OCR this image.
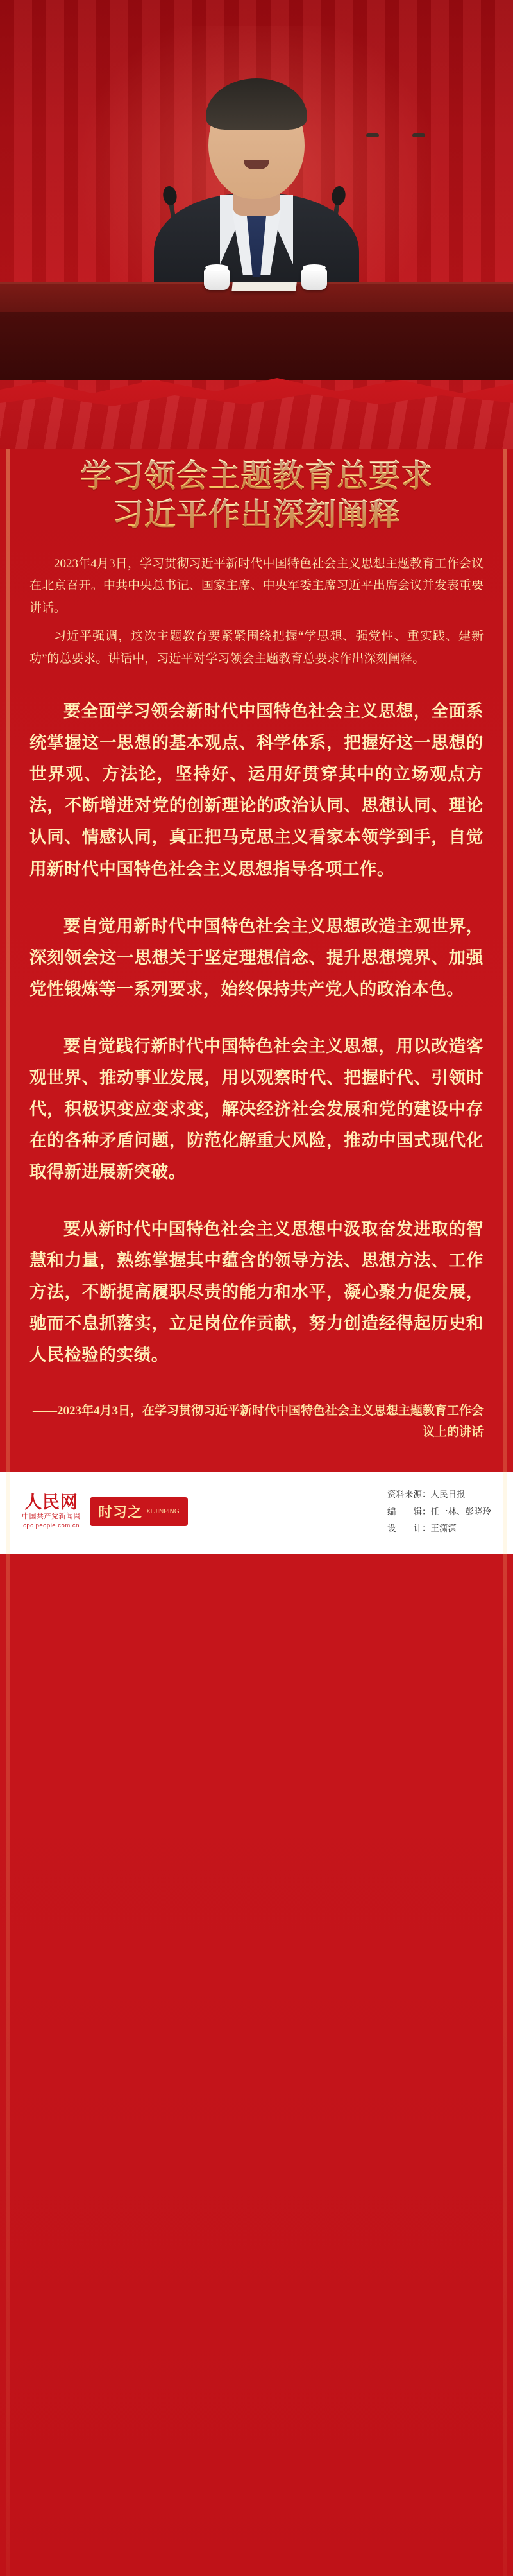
学习领会主题教育总要求
习近平作出深刻阐释

2023年4月3日，学习贯彻习近平新时代中国特色社会主义思想主题教育工作会议在北京召开。中共中央总书记、国家主席、中央军委主席习近平出席会议并发表重要讲话。

习近平强调，这次主题教育要紧紧围绕把握“学思想、强党性、重实践、建新功”的总要求。讲话中，习近平对学习领会主题教育总要求作出深刻阐释。

要全面学习领会新时代中国特色社会主义思想，全面系统掌握这一思想的基本观点、科学体系，把握好这一思想的世界观、方法论，坚持好、运用好贯穿其中的立场观点方法，不断增进对党的创新理论的政治认同、思想认同、理论认同、情感认同，真正把马克思主义看家本领学到手，自觉用新时代中国特色社会主义思想指导各项工作。

要自觉用新时代中国特色社会主义思想改造主观世界，深刻领会这一思想关于坚定理想信念、提升思想境界、加强党性锻炼等一系列要求，始终保持共产党人的政治本色。

要自觉践行新时代中国特色社会主义思想，用以改造客观世界、推动事业发展，用以观察时代、把握时代、引领时代，积极识变应变求变，解决经济社会发展和党的建设中存在的各种矛盾问题，防范化解重大风险，推动中国式现代化取得新进展新突破。

要从新时代中国特色社会主义思想中汲取奋发进取的智慧和力量，熟练掌握其中蕴含的领导方法、思想方法、工作方法，不断提高履职尽责的能力和水平，凝心聚力促发展，驰而不息抓落实，立足岗位作贡献，努力创造经得起历史和人民检验的实绩。

——2023年4月3日，在学习贯彻习近平新时代中国特色社会主义思想主题教育工作会议上的讲话

人民网
中国共产党新闻网
cpc.people.com.cn
时习之 XI JINPING
资料来源：人民日报
编　　辑：任一林、彭晓玲
设　　计：王潇潇
